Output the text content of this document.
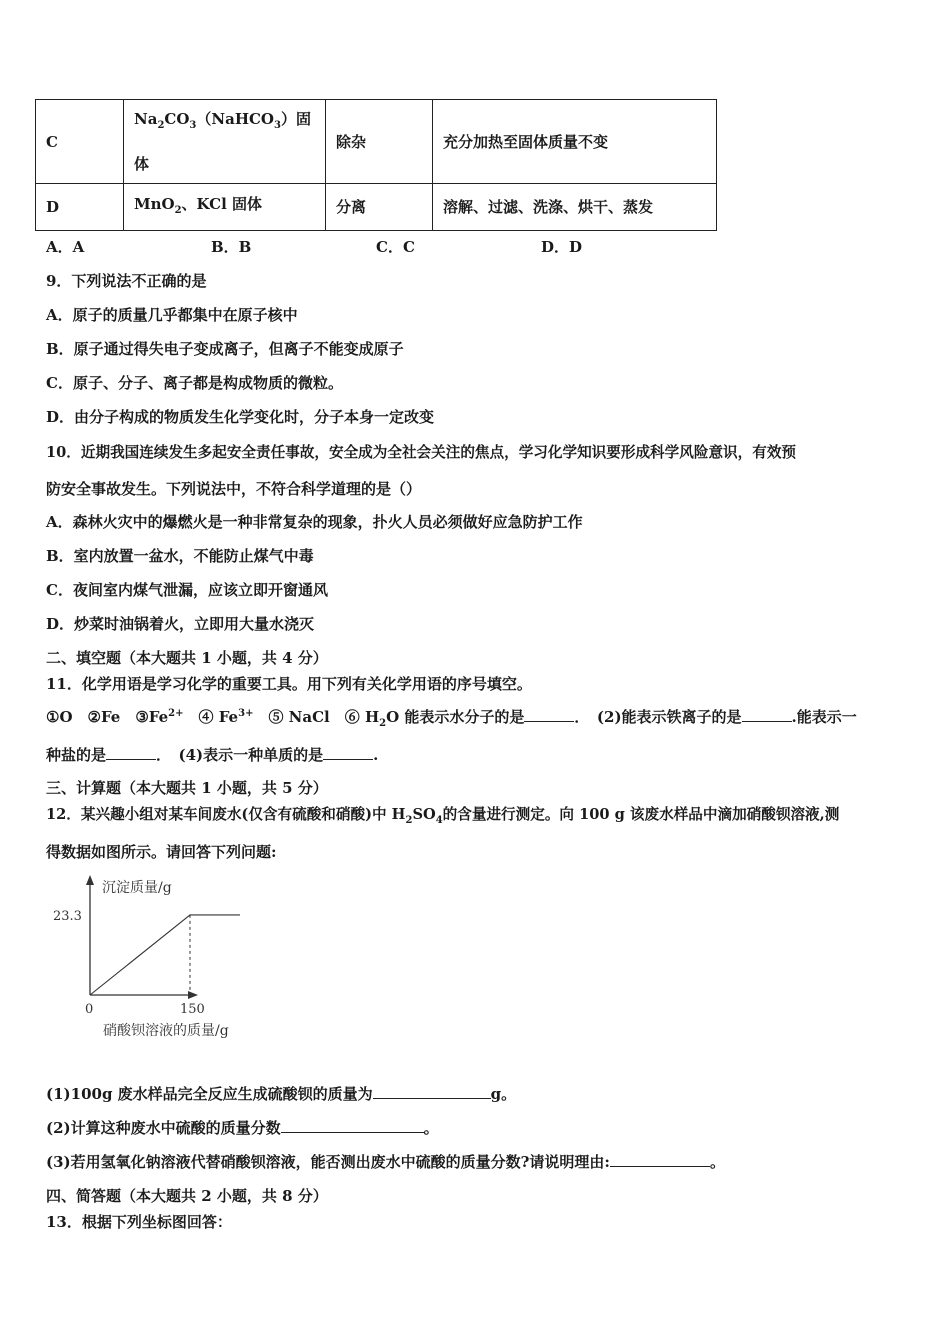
C	$Na_2CO_3(NaHCO_3)$固体	除杂	充分加热至固体质量不变
D	MnO$_2$、KCl 固体	分离	溶解、过滤、洗涤、烘干、蒸发
A．A	B．B	C．C	D．D
9．下列说法不正确的是
A．原子的质量几乎都集中在原子核中
B．原子通过得失电子变成离子，但离子不能变成原子
C．原子、分子、离子都是构成物质的微粒。
D．由分子构成的物质发生化学变化时，分子本身一定改变
10．近期我国连续发生多起安全责任事故，安全成为全社会关注的焦点，学习化学知识要形成科学风险意识，有效预
防安全事故发生。下列说法中，不符合科学道理的是（）
A．森林火灾中的爆燃火是一种非常复杂的现象，扑火人员必须做好应急防护工作
B．室内放置一盆水，不能防止煤气中毒
C．夜间室内煤气泄漏，应该立即开窗通风
D．炒菜时油锅着火，立即用大量水浇灭
二、填空题（本大题共 1 小题，共 4 分）
11．化学用语是学习化学的重要工具。用下列有关化学用语的序号填空。
①O　②Fe　$③Fe^{2+}$　④ $Fe^{3+}$　⑤ NaCl　⑥ $H_2O$ 能表示水分子的是	．　(2)能表示铁离子的是	.能表示一
种盐的是	．　(4)表示一种单质的是	.
三、计算题（本大题共 1 小题，共 5 分）
12．某兴趣小组对某车间废水(仅含有硫酸和硝酸)中 $H_2SO_4$的含量进行测定。向 100 g 该废水样品中滴加硝酸钡溶液,测
得数据如图所示。请回答下列问题:
沉淀质量/g
23.3
0	150
硝酸钡溶液的质量/g
(1)100g 废水样品完全反应生成硫酸钡的质量为	g。
(2)计算这种废水中硫酸的质量分数	。
(3)若用氢氧化钠溶液代替硝酸钡溶液，能否测出废水中硫酸的质量分数?请说明理由:	。
四、简答题（本大题共 2 小题，共 8 分）
13．根据下列坐标图回答：
